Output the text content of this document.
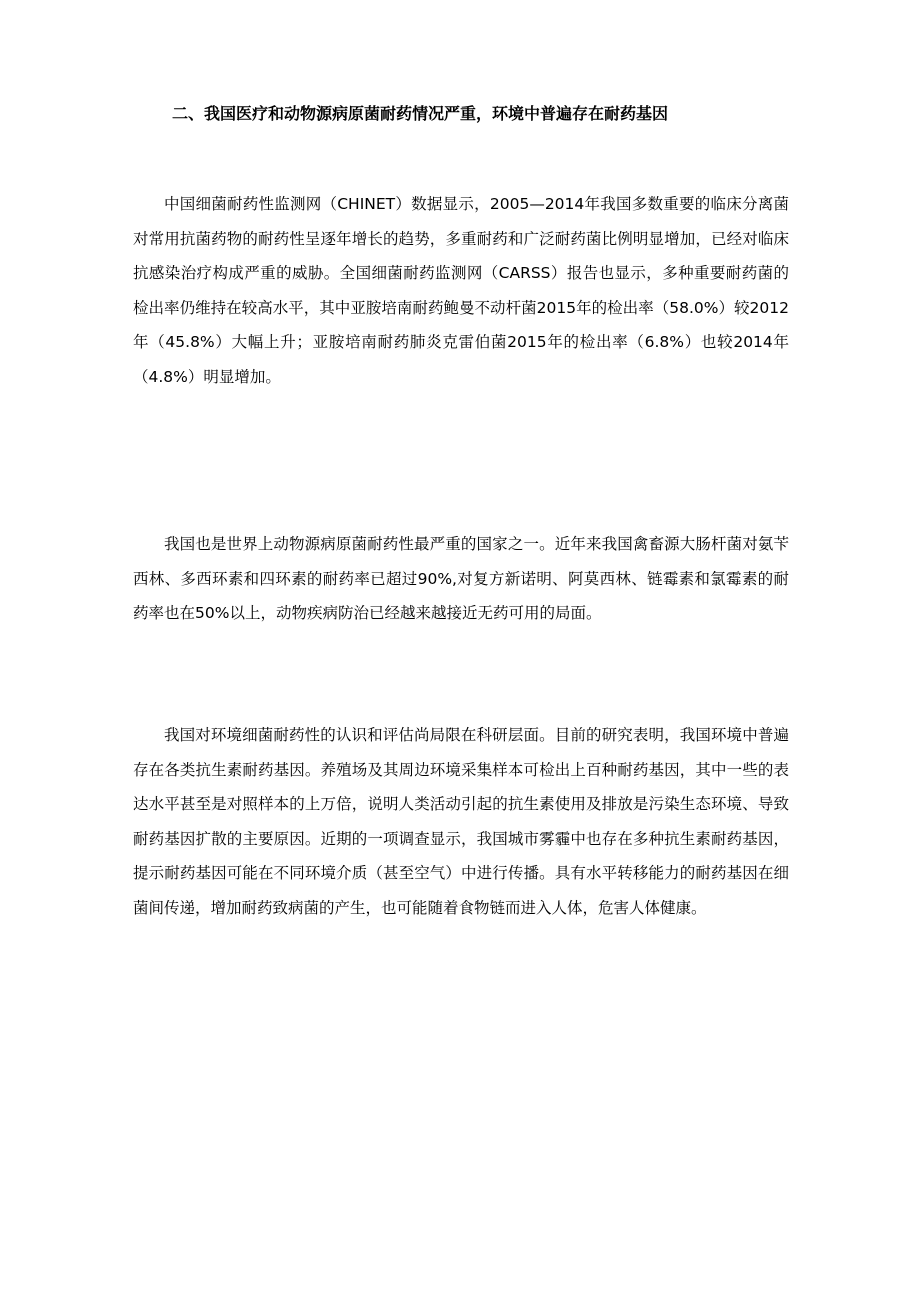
二、我国医疗和动物源病原菌耐药情况严重，环境中普遍存在耐药基因

中国细菌耐药性监测网（CHINET）数据显示，2005—2014年我国多数重要的临床分离菌对常用抗菌药物的耐药性呈逐年增长的趋势，多重耐药和广泛耐药菌比例明显增加，已经对临床抗感染治疗构成严重的威胁。全国细菌耐药监测网（CARSS）报告也显示，多种重要耐药菌的检出率仍维持在较高水平，其中亚胺培南耐药鲍曼不动杆菌2015年的检出率（58.0%）较2012年（45.8%）大幅上升；亚胺培南耐药肺炎克雷伯菌2015年的检出率（6.8%）也较2014年（4.8%）明显增加。

我国也是世界上动物源病原菌耐药性最严重的国家之一。近年来我国禽畜源大肠杆菌对氨苄西林、多西环素和四环素的耐药率已超过90%,对复方新诺明、阿莫西林、链霉素和氯霉素的耐药率也在50%以上，动物疾病防治已经越来越接近无药可用的局面。

我国对环境细菌耐药性的认识和评估尚局限在科研层面。目前的研究表明，我国环境中普遍存在各类抗生素耐药基因。养殖场及其周边环境采集样本可检出上百种耐药基因，其中一些的表达水平甚至是对照样本的上万倍，说明人类活动引起的抗生素使用及排放是污染生态环境、导致耐药基因扩散的主要原因。近期的一项调查显示，我国城市雾霾中也存在多种抗生素耐药基因，提示耐药基因可能在不同环境介质（甚至空气）中进行传播。具有水平转移能力的耐药基因在细菌间传递，增加耐药致病菌的产生，也可能随着食物链而进入人体，危害人体健康。
